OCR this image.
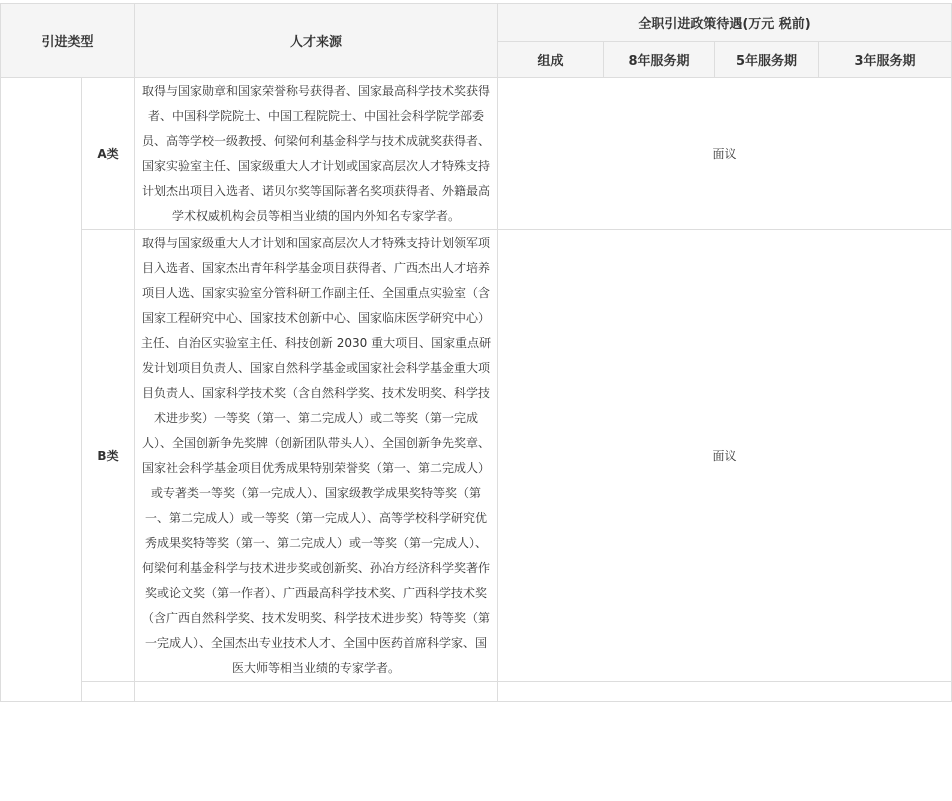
引进类型		人才来源	全职引进政策待遇(万元 税前)			
			组成	8年服务期	5年服务期	3年服务期
	A类	取得与国家勋章和国家荣誉称号获得者、国家最高科学技术奖获得者、中国科学院院士、中国工程院院士、中国社会科学院学部委员、高等学校一级教授、何梁何利基金科学与技术成就奖获得者、国家实验室主任、国家级重大人才计划或国家高层次人才特殊支持计划杰出项目入选者、诺贝尔奖等国际著名奖项获得者、外籍最高学术权威机构会员等相当业绩的国内外知名专家学者。	面议			
	B类	取得与国家级重大人才计划和国家高层次人才特殊支持计划领军项目入选者、国家杰出青年科学基金项目获得者、广西杰出人才培养项目人选、国家实验室分管科研工作副主任、全国重点实验室（含国家工程研究中心、国家技术创新中心、国家临床医学研究中心）主任、自治区实验室主任、科技创新 2030 重大项目、国家重点研发计划项目负责人、国家自然科学基金或国家社会科学基金重大项目负责人、国家科学技术奖（含自然科学奖、技术发明奖、科学技术进步奖）一等奖（第一、第二完成人）或二等奖（第一完成人）、全国创新争先奖牌（创新团队带头人）、全国创新争先奖章、国家社会科学基金项目优秀成果特别荣誉奖（第一、第二完成人）或专著类一等奖（第一完成人）、国家级教学成果奖特等奖（第一、第二完成人）或一等奖（第一完成人）、高等学校科学研究优秀成果奖特等奖（第一、第二完成人）或一等奖（第一完成人）、何梁何利基金科学与技术进步奖或创新奖、孙冶方经济科学奖著作奖或论文奖（第一作者）、广西最高科学技术奖、广西科学技术奖（含广西自然科学奖、技术发明奖、科学技术进步奖）特等奖（第一完成人）、全国杰出专业技术人才、全国中医药首席科学家、国医大师等相当业绩的专家学者。	面议			
